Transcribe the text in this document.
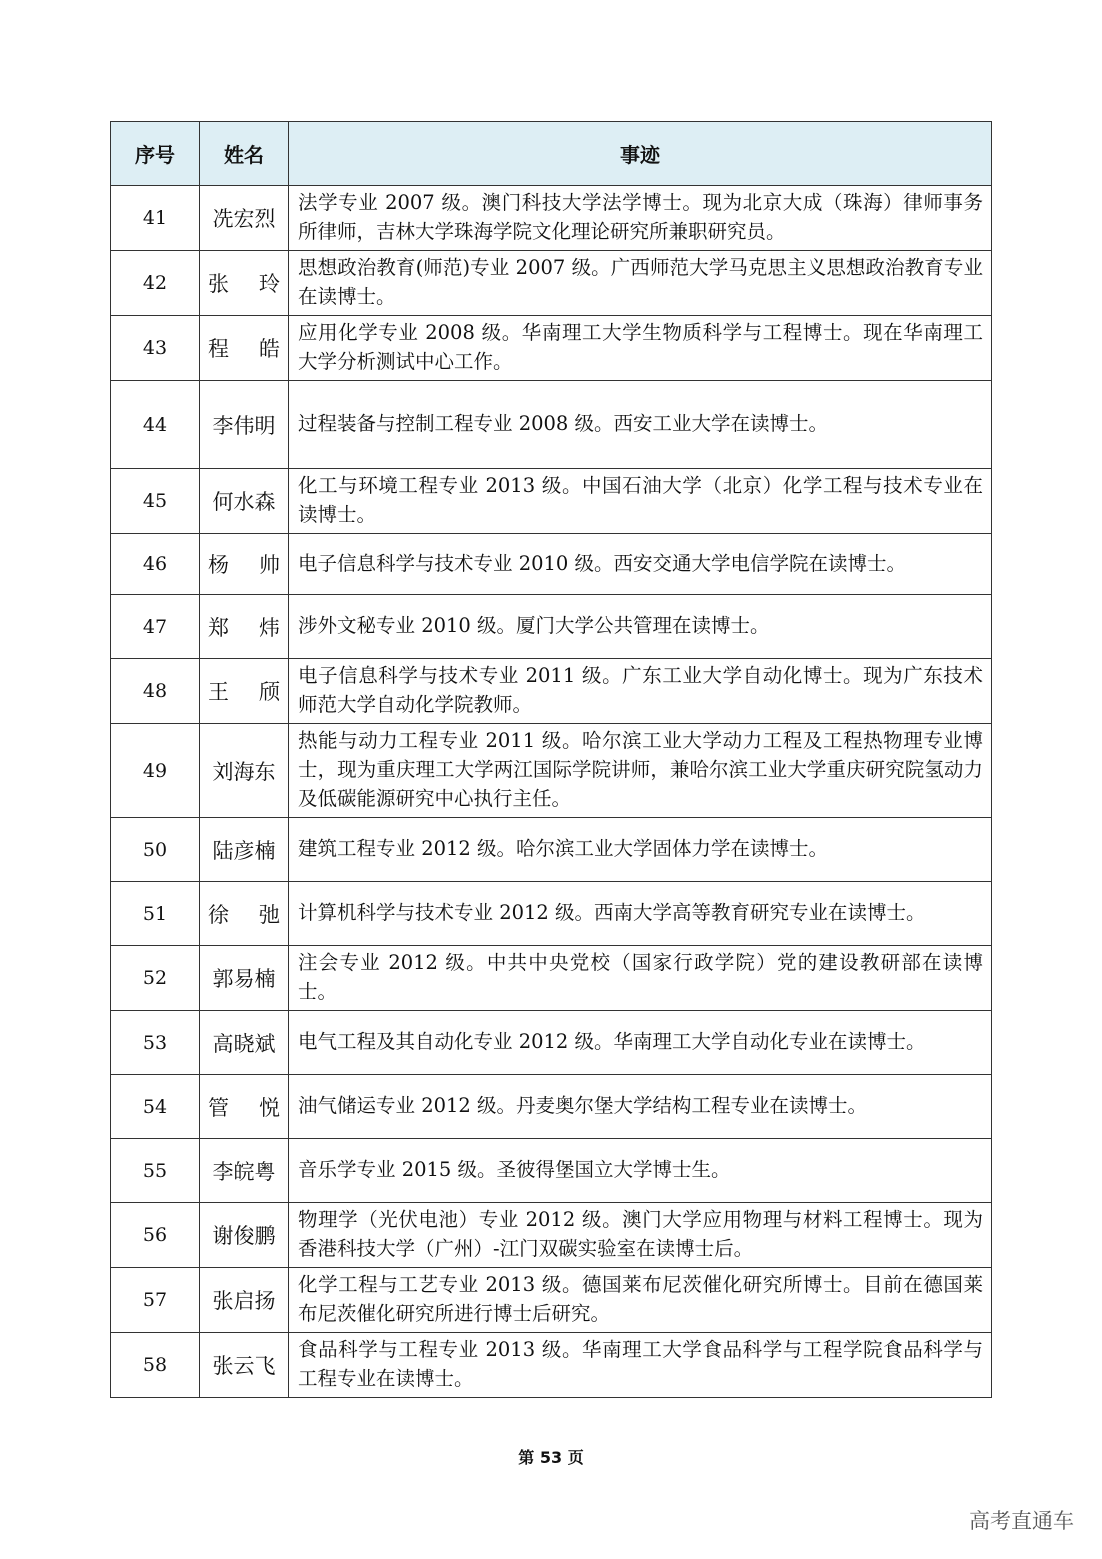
序号	姓名	事迹
41	冼宏烈	法学专业 2007 级。澳门科技大学法学博士。现为北京大成（珠海）律师事务所律师，吉林大学珠海学院文化理论研究所兼职研究员。
42	张玲	思想政治教育(师范)专业 2007 级。广西师范大学马克思主义思想政治教育专业在读博士。
43	程皓	应用化学专业 2008 级。华南理工大学生物质科学与工程博士。现在华南理工大学分析测试中心工作。
44	李伟明	过程装备与控制工程专业 2008 级。西安工业大学在读博士。
45	何水森	化工与环境工程专业 2013 级。中国石油大学（北京）化学工程与技术专业在读博士。
46	杨帅	电子信息科学与技术专业 2010 级。西安交通大学电信学院在读博士。
47	郑炜	涉外文秘专业 2010 级。厦门大学公共管理在读博士。
48	王颀	电子信息科学与技术专业 2011 级。广东工业大学自动化博士。现为广东技术师范大学自动化学院教师。
49	刘海东	热能与动力工程专业 2011 级。哈尔滨工业大学动力工程及工程热物理专业博士，现为重庆理工大学两江国际学院讲师，兼哈尔滨工业大学重庆研究院氢动力及低碳能源研究中心执行主任。
50	陆彦楠	建筑工程专业 2012 级。哈尔滨工业大学固体力学在读博士。
51	徐弛	计算机科学与技术专业 2012 级。西南大学高等教育研究专业在读博士。
52	郭易楠	注会专业 2012 级。中共中央党校（国家行政学院）党的建设教研部在读博士。
53	高晓斌	电气工程及其自动化专业 2012 级。华南理工大学自动化专业在读博士。
54	管悦	油气储运专业 2012 级。丹麦奥尔堡大学结构工程专业在读博士。
55	李皖粤	音乐学专业 2015 级。圣彼得堡国立大学博士生。
56	谢俊鹏	物理学（光伏电池）专业 2012 级。澳门大学应用物理与材料工程博士。现为香港科技大学（广州）-江门双碳实验室在读博士后。
57	张启扬	化学工程与工艺专业 2013 级。德国莱布尼茨催化研究所博士。目前在德国莱布尼茨催化研究所进行博士后研究。
58	张云飞	食品科学与工程专业 2013 级。华南理工大学食品科学与工程学院食品科学与工程专业在读博士。
第 53 页
高考直通车
